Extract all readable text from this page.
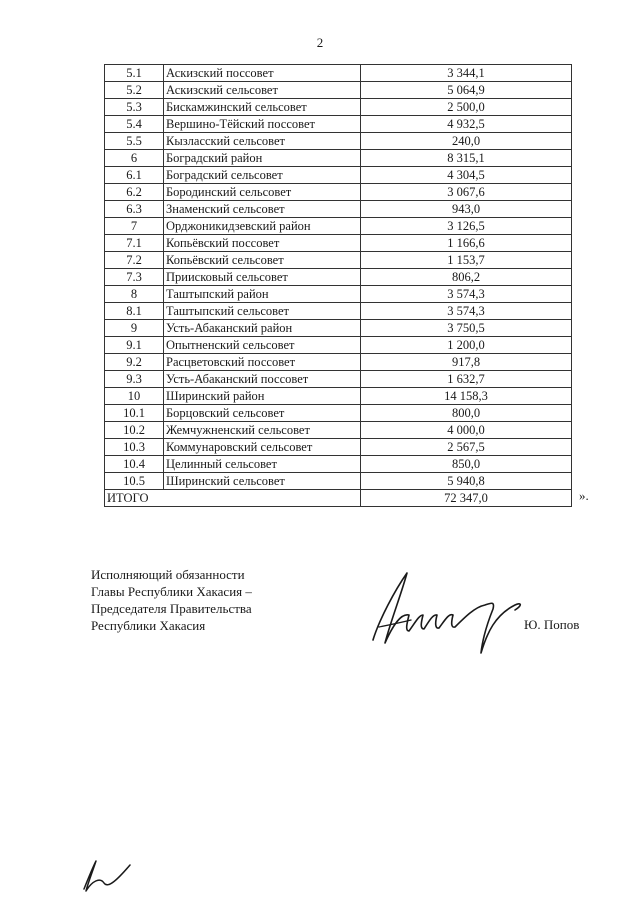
2
5.1	Аскизский поссовет	3 344,1
5.2	Аскизский сельсовет	5 064,9
5.3	Бискамжинский сельсовет	2 500,0
5.4	Вершино-Тёйский поссовет	4 932,5
5.5	Кызласский сельсовет	240,0
6	Боградский район	8 315,1
6.1	Боградский сельсовет	4 304,5
6.2	Бородинский сельсовет	3 067,6
6.3	Знаменский сельсовет	943,0
7	Орджоникидзевский район	3 126,5
7.1	Копьёвский поссовет	1 166,6
7.2	Копьёвский сельсовет	1 153,7
7.3	Приисковый сельсовет	806,2
8	Таштыпский район	3 574,3
8.1	Таштыпский сельсовет	3 574,3
9	Усть-Абаканский район	3 750,5
9.1	Опытненский сельсовет	1 200,0
9.2	Расцветовский поссовет	917,8
9.3	Усть-Абаканский поссовет	1 632,7
10	Ширинский район	14 158,3
10.1	Борцовский сельсовет	800,0
10.2	Жемчужненский сельсовет	4 000,0
10.3	Коммунаровский сельсовет	2 567,5
10.4	Целинный сельсовет	850,0
10.5	Ширинский сельсовет	5 940,8
ИТОГО		72 347,0	».
Исполняющий обязанности
Главы Республики Хакасия –
Председателя Правительства
Республики Хакасия	Ю. Попов
